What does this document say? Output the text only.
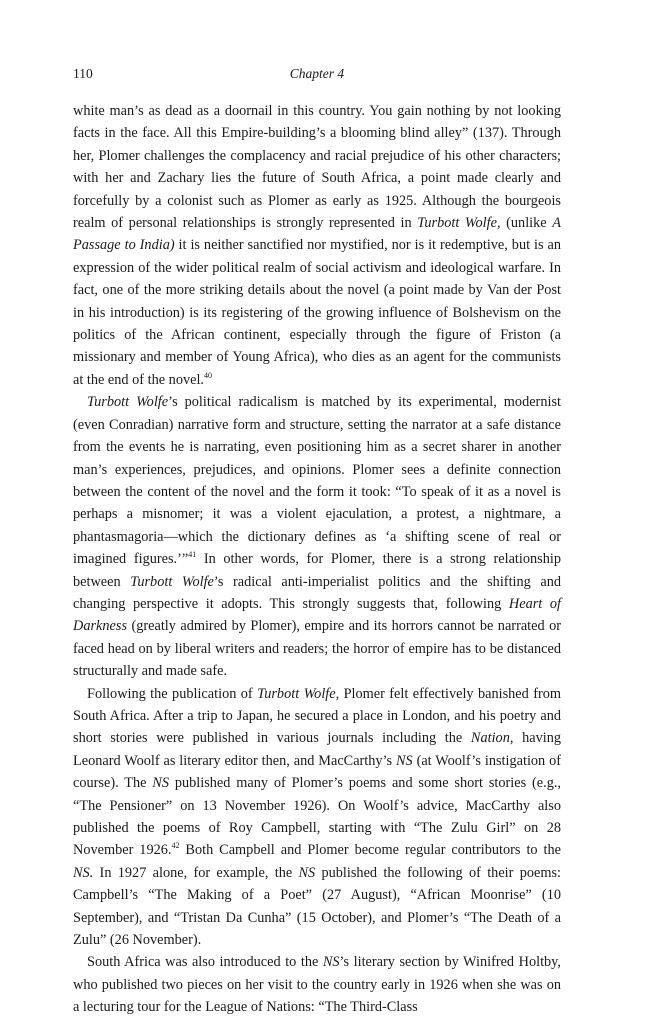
110	Chapter 4

white man’s as dead as a doornail in this country. You gain nothing by not looking facts in the face. All this Empire-building’s a blooming blind alley” (137). Through her, Plomer challenges the complacency and racial prejudice of his other characters; with her and Zachary lies the future of South Africa, a point made clearly and forcefully by a colonist such as Plomer as early as 1925. Although the bourgeois realm of personal relationships is strongly represented in Turbott Wolfe, (unlike A Passage to India) it is neither sanctified nor mystified, nor is it redemptive, but is an expression of the wider political realm of social activism and ideological warfare. In fact, one of the more striking details about the novel (a point made by Van der Post in his introduction) is its registering of the growing influence of Bolshevism on the politics of the African continent, especially through the figure of Friston (a missionary and member of Young Africa), who dies as an agent for the communists at the end of the novel.$^{40}$

Turbott Wolfe’s political radicalism is matched by its experimental, modernist (even Conradian) narrative form and structure, setting the narrator at a safe distance from the events he is narrating, even positioning him as a secret sharer in another man’s experiences, prejudices, and opinions. Plomer sees a definite connection between the content of the novel and the form it took: “To speak of it as a novel is perhaps a misnomer; it was a violent ejaculation, a protest, a nightmare, a phantasmagoria—which the dictionary defines as ‘a shifting scene of real or imagined figures.’”$^{41}$ In other words, for Plomer, there is a strong relationship between Turbott Wolfe’s radical anti-imperialist politics and the shifting and changing perspective it adopts. This strongly suggests that, following Heart of Darkness (greatly admired by Plomer), empire and its horrors cannot be narrated or faced head on by liberal writers and readers; the horror of empire has to be distanced structurally and made safe.

Following the publication of Turbott Wolfe, Plomer felt effectively banished from South Africa. After a trip to Japan, he secured a place in London, and his poetry and short stories were published in various journals including the Nation, having Leonard Woolf as literary editor then, and MacCarthy’s NS (at Woolf’s instigation of course). The NS published many of Plomer’s poems and some short stories (e.g., “The Pensioner” on 13 November 1926). On Woolf’s advice, MacCarthy also published the poems of Roy Campbell, starting with “The Zulu Girl” on 28 November 1926.42 Both Campbell and Plomer become regular contributors to the NS. In 1927 alone, for example, the NS published the following of their poems: Campbell’s “The Making of a Poet” (27 August), “African Moonrise” (10 September), and “Tristan Da Cunha” (15 October), and Plomer’s “The Death of a Zulu” (26 November).

South Africa was also introduced to the NS’s literary section by Winifred Holtby, who published two pieces on her visit to the country early in 1926 when she was on a lecturing tour for the League of Nations: “The Third-Class
